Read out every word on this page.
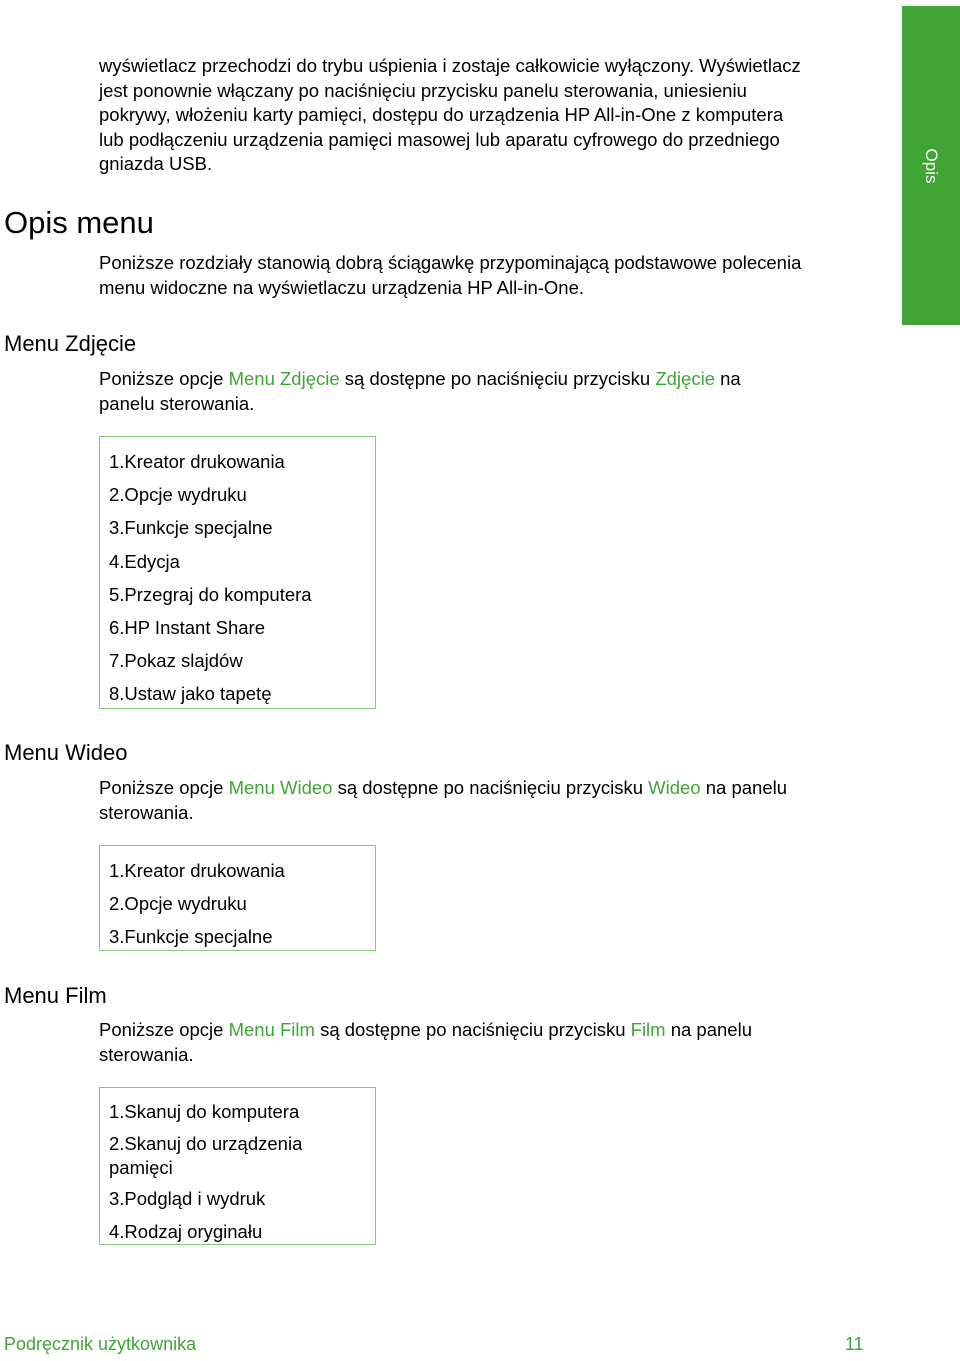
Opis
wyświetlacz przechodzi do trybu uśpienia i zostaje całkowicie wyłączony. Wyświetlacz
jest ponownie włączany po naciśnięciu przycisku panelu sterowania, uniesieniu
pokrywy, włożeniu karty pamięci, dostępu do urządzenia HP All-in-One z komputera
lub podłączeniu urządzenia pamięci masowej lub aparatu cyfrowego do przedniego
gniazda USB.
Opis menu
Poniższe rozdziały stanowią dobrą ściągawkę przypominającą podstawowe polecenia
menu widoczne na wyświetlaczu urządzenia HP All-in-One.
Menu Zdjęcie
Poniższe opcje Menu Zdjęcie są dostępne po naciśnięciu przycisku Zdjęcie na
panelu sterowania.
1.Kreator drukowania
2.Opcje wydruku
3.Funkcje specjalne
4.Edycja
5.Przegraj do komputera
6.HP Instant Share
7.Pokaz slajdów
8.Ustaw jako tapetę
Menu Wideo
Poniższe opcje Menu Wideo są dostępne po naciśnięciu przycisku Wideo na panelu
sterowania.
1.Kreator drukowania
2.Opcje wydruku
3.Funkcje specjalne
Menu Film
Poniższe opcje Menu Film są dostępne po naciśnięciu przycisku Film na panelu
sterowania.
1.Skanuj do komputera
2.Skanuj do urządzenia
pamięci
3.Podgląd i wydruk
4.Rodzaj oryginału
Podręcznik użytkownika	11
